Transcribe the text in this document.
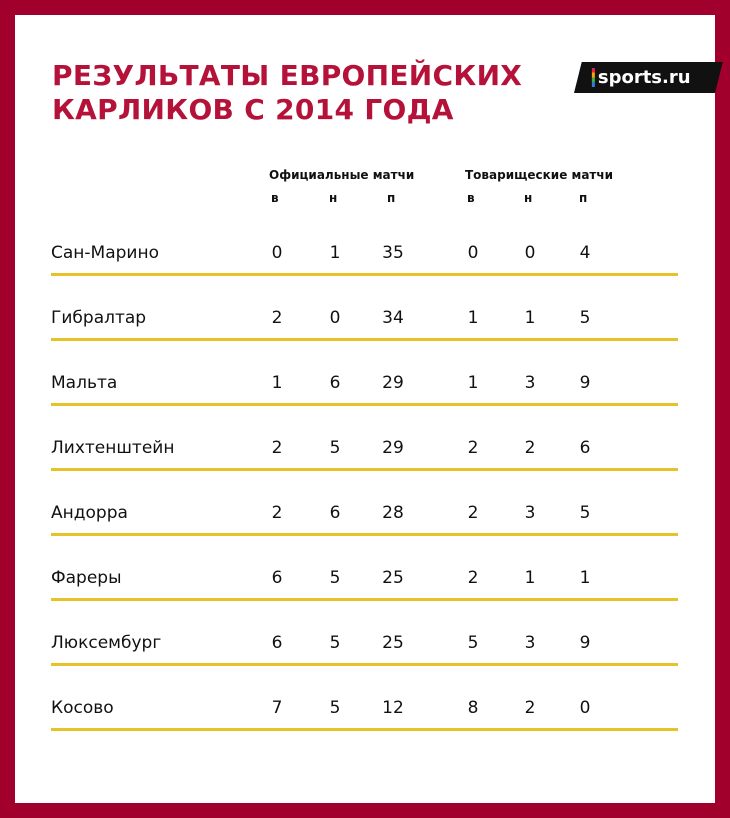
РЕЗУЛЬТАТЫ ЕВРОПЕЙСКИХ
КАРЛИКОВ С 2014 ГОДА
sports.ru
Официальные матчи	Товарищеские матчи
в	н	п	в	н	п
Сан-Марино	0	1	35	0	0	4
Гибралтар	2	0	34	1	1	5
Мальта	1	6	29	1	3	9
Лихтенштейн	2	5	29	2	2	6
Андорра	2	6	28	2	3	5
Фареры	6	5	25	2	1	1
Люксембург	6	5	25	5	3	9
Косово	7	5	12	8	2	0
